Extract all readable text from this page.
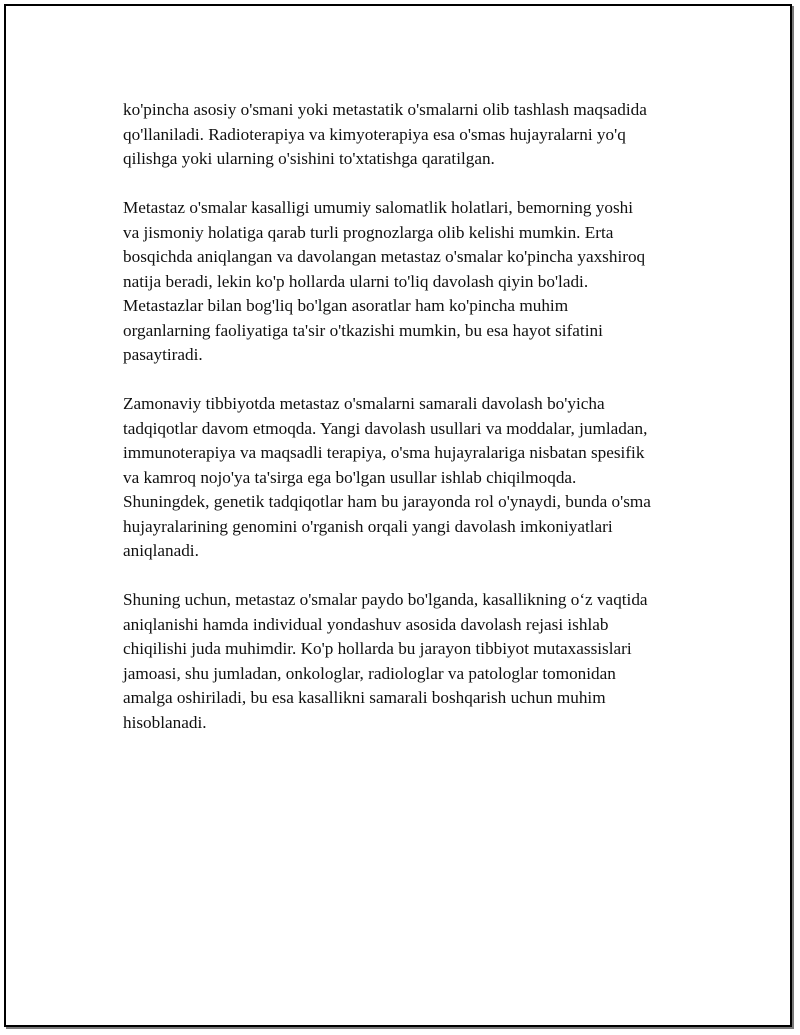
ko'pincha asosiy o'smani yoki metastatik o'smalarni olib tashlash maqsadida
qo'llaniladi. Radioterapiya va kimyoterapiya esa o'smas hujayralarni yo'q
qilishga yoki ularning o'sishini to'xtatishga qaratilgan.

Metastaz o'smalar kasalligi umumiy salomatlik holatlari, bemorning yoshi
va jismoniy holatiga qarab turli prognozlarga olib kelishi mumkin. Erta
bosqichda aniqlangan va davolangan metastaz o'smalar ko'pincha yaxshiroq
natija beradi, lekin ko'p hollarda ularni to'liq davolash qiyin bo'ladi.
Metastazlar bilan bog'liq bo'lgan asoratlar ham ko'pincha muhim
organlarning faoliyatiga ta'sir o'tkazishi mumkin, bu esa hayot sifatini
pasaytiradi.

Zamonaviy tibbiyotda metastaz o'smalarni samarali davolash bo'yicha
tadqiqotlar davom etmoqda. Yangi davolash usullari va moddalar, jumladan,
immunoterapiya va maqsadli terapiya, o'sma hujayralariga nisbatan spesifik
va kamroq nojo'ya ta'sirga ega bo'lgan usullar ishlab chiqilmoqda.
Shuningdek, genetik tadqiqotlar ham bu jarayonda rol o'ynaydi, bunda o'sma
hujayralarining genomini o'rganish orqali yangi davolash imkoniyatlari
aniqlanadi.

Shuning uchun, metastaz o'smalar paydo bo'lganda, kasallikning o‘z vaqtida
aniqlanishi hamda individual yondashuv asosida davolash rejasi ishlab
chiqilishi juda muhimdir. Ko'p hollarda bu jarayon tibbiyot mutaxassislari
jamoasi, shu jumladan, onkologlar, radiologlar va patologlar tomonidan
amalga oshiriladi, bu esa kasallikni samarali boshqarish uchun muhim
hisoblanadi.
